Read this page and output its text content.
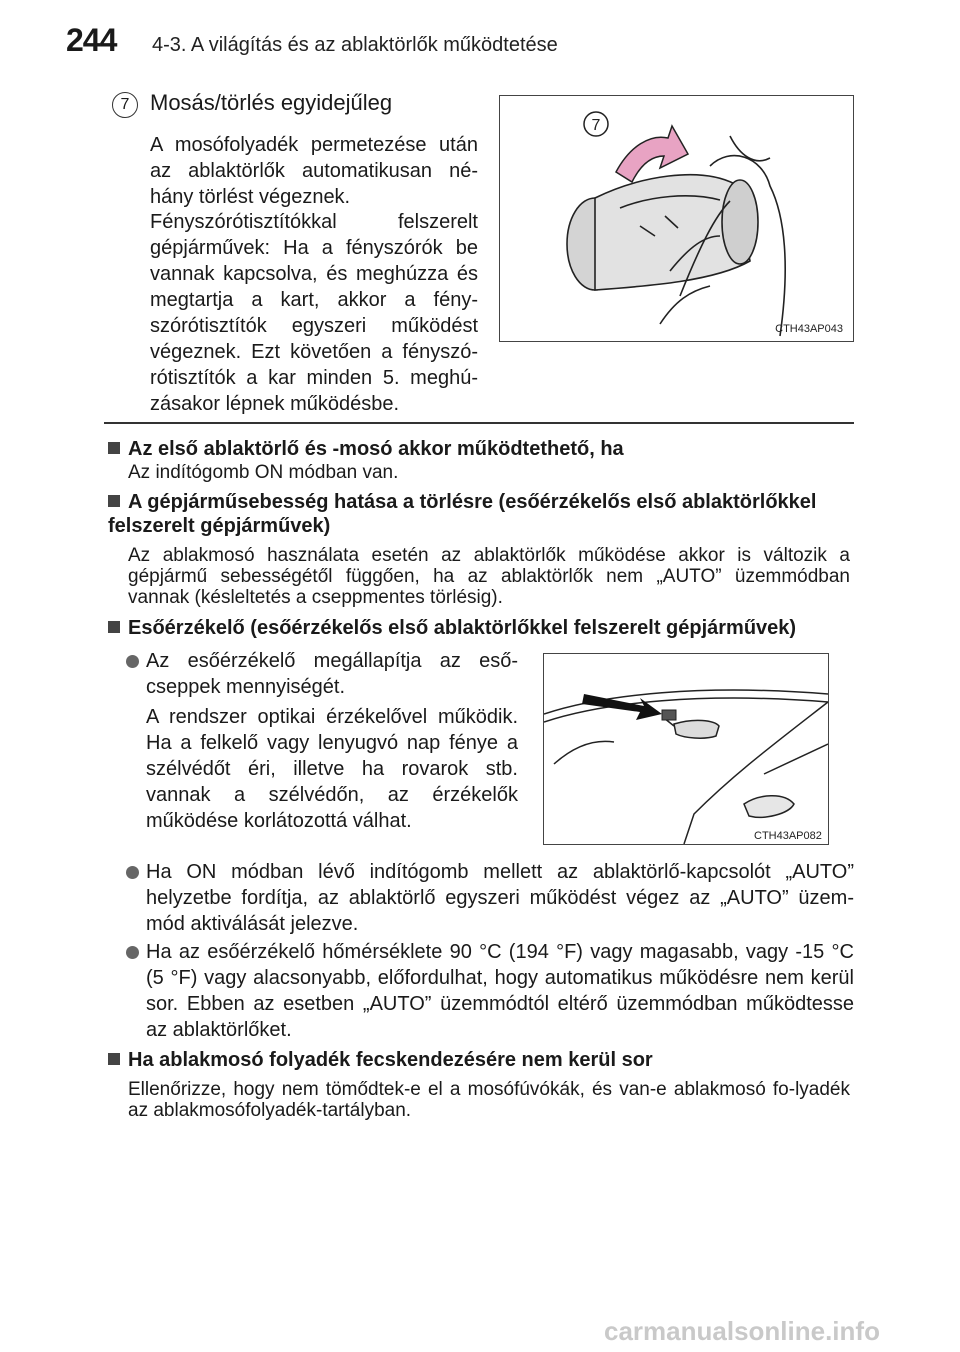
244 4-3. A világítás és az ablaktörlők működtetése
7 Mosás/törlés egyidejűleg
A mosófolyadék permetezése után az ablaktörlők automatikusan né-hány törlést végeznek.
Fényszórótisztítókkal felszerelt gépjárművek: Ha a fényszórók be vannak kapcsolva, és meghúzza és megtartja a kart, akkor a fény-szórótisztítók egyszeri működést végeznek. Ezt követően a fényszó-rótisztítók a kar minden 5. meghú-zásakor lépnek működésbe.
7
CTH43AP043
Az első ablaktörlő és -mosó akkor működtethető, ha
Az indítógomb ON módban van.
A gépjárműsebesség hatása a törlésre (esőérzékelős első ablaktörlőkkel felszerelt gépjárművek)
Az ablakmosó használata esetén az ablaktörlők működése akkor is változik a gépjármű sebességétől függően, ha az ablaktörlők nem „AUTO” üzemmódban vannak (késleltetés a cseppmentes törlésig).
Esőérzékelő (esőérzékelős első ablaktörlőkkel felszerelt gépjárművek)
Az esőérzékelő megállapítja az eső-cseppek mennyiségét.
A rendszer optikai érzékelővel működik. Ha a felkelő vagy lenyugvó nap fénye a szélvédőt éri, illetve ha rovarok stb. vannak a szélvédőn, az érzékelők működése korlátozottá válhat.
CTH43AP082
Ha ON módban lévő indítógomb mellett az ablaktörlő-kapcsolót „AUTO” helyzetbe fordítja, az ablaktörlő egyszeri működést végez az „AUTO” üzem-mód aktiválását jelezve.
Ha az esőérzékelő hőmérséklete 90 °C (194 °F) vagy magasabb, vagy -15 °C (5 °F) vagy alacsonyabb, előfordulhat, hogy automatikus működésre nem kerül sor. Ebben az esetben „AUTO” üzemmódtól eltérő üzemmódban működtesse az ablaktörlőket.
Ha ablakmosó folyadék fecskendezésére nem kerül sor
Ellenőrizze, hogy nem tömődtek-e el a mosófúvókák, és van-e ablakmosó fo-lyadék az ablakmosófolyadék-tartályban.
carmanualsonline.info
